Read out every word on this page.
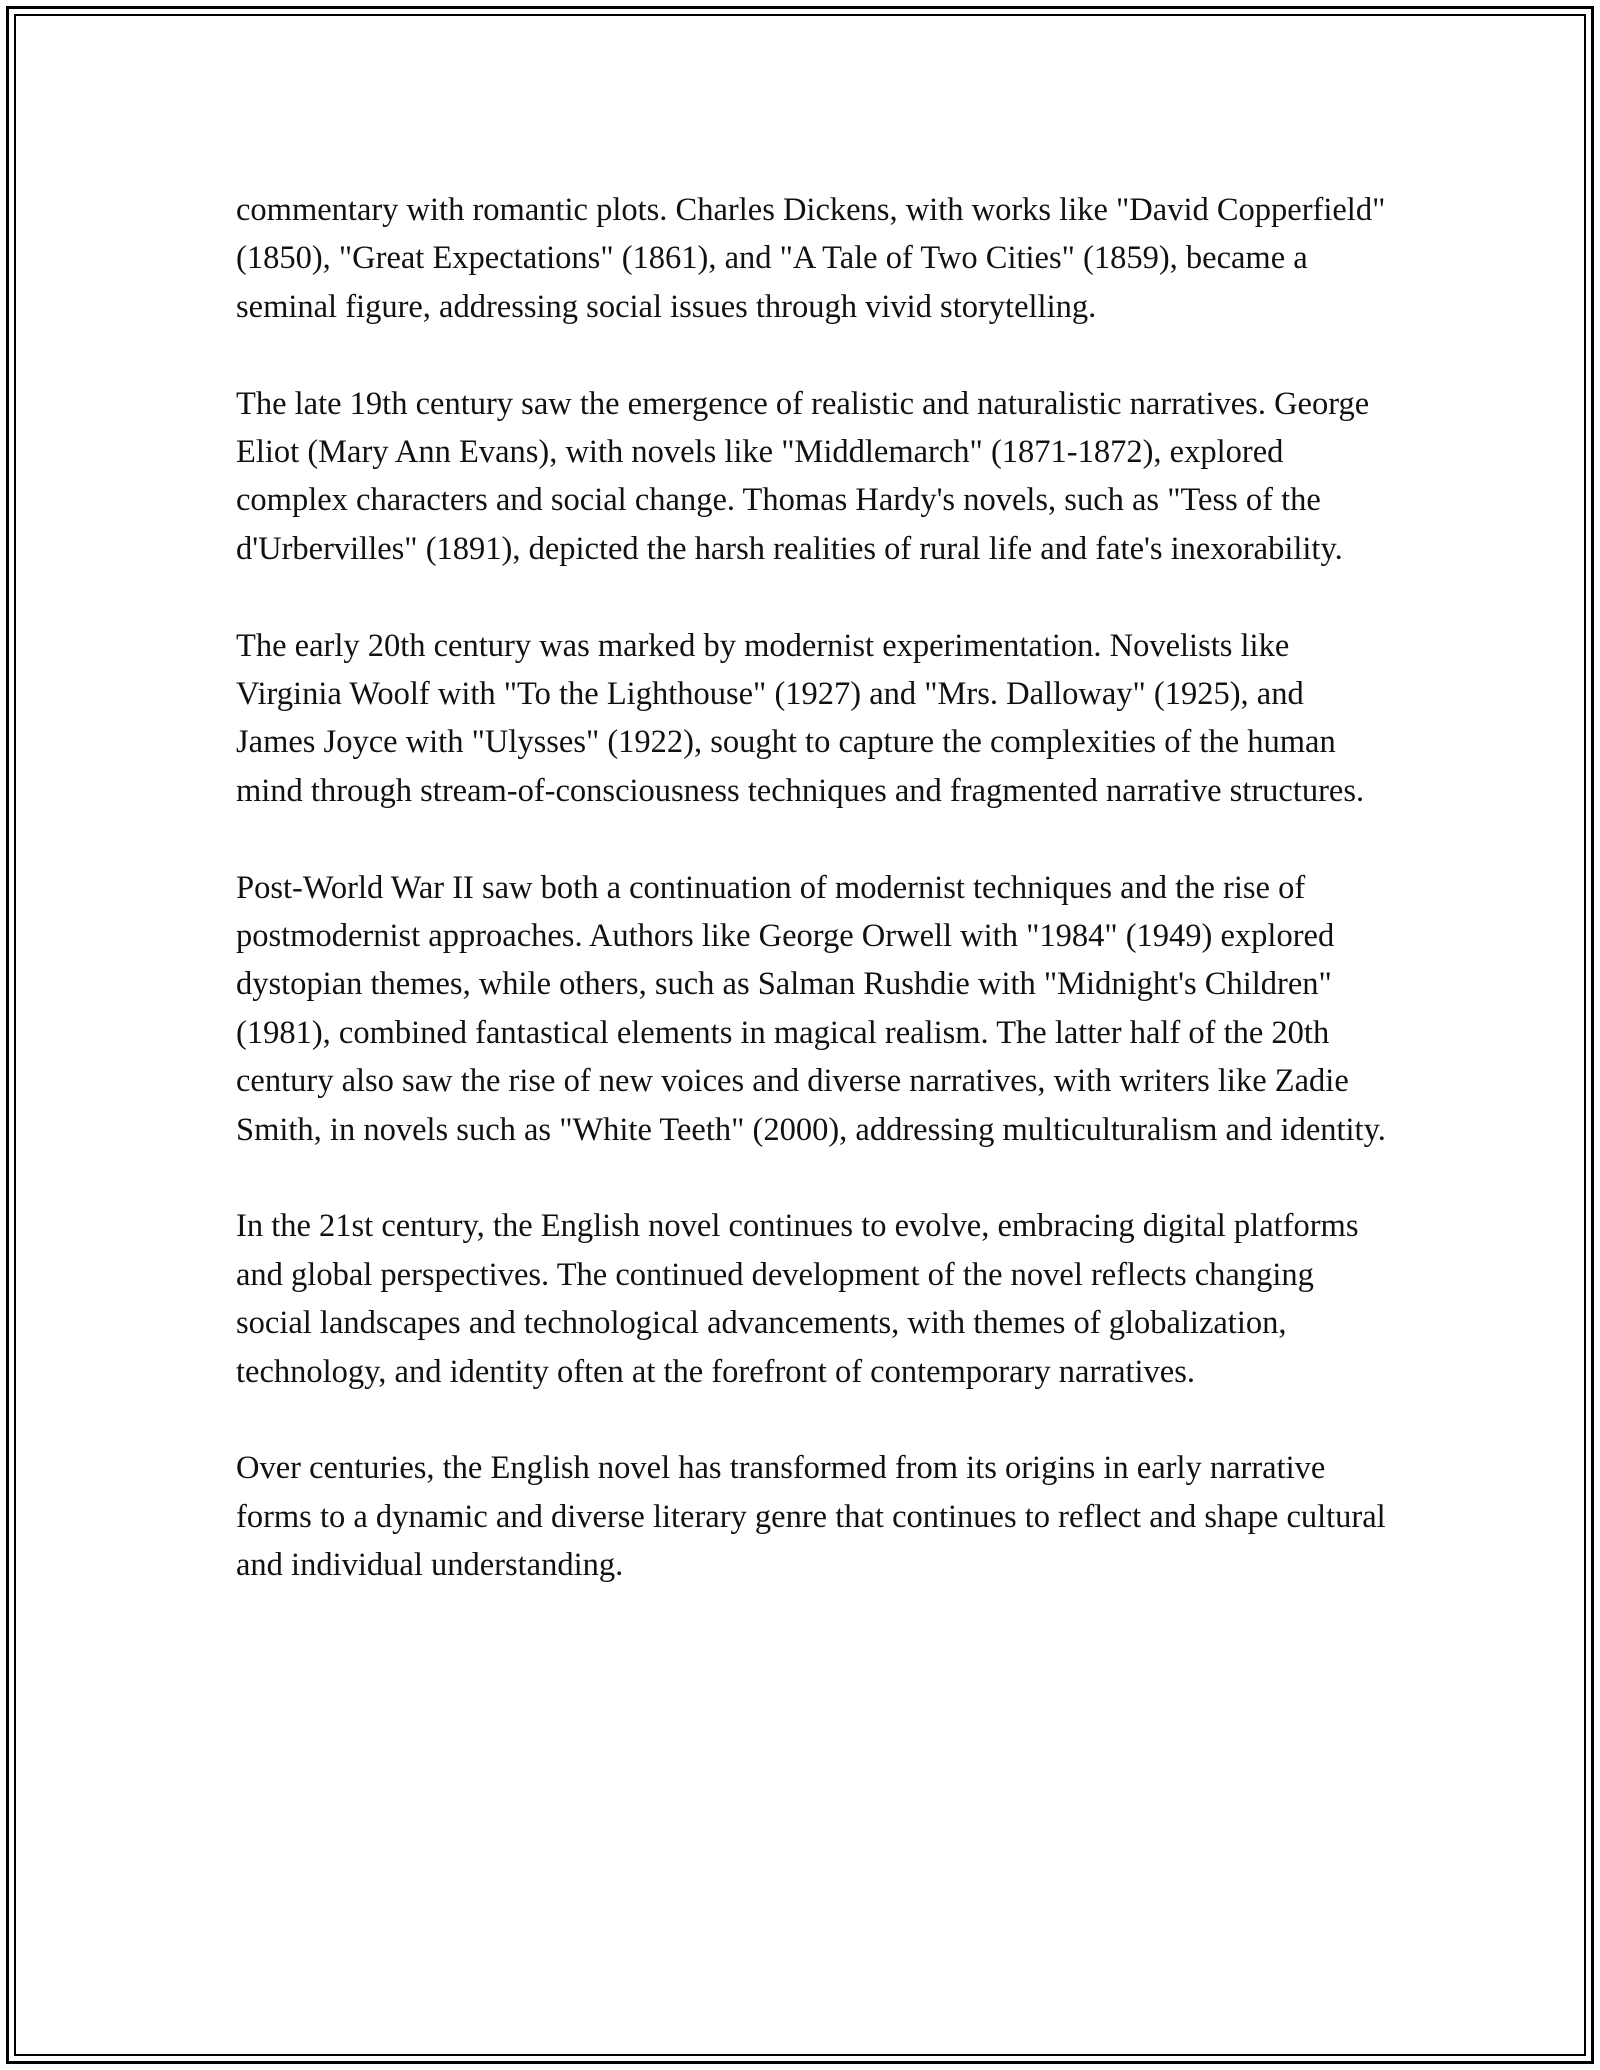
commentary with romantic plots. Charles Dickens, with works like "David Copperfield" (1850), "Great Expectations" (1861), and "A Tale of Two Cities" (1859), became a seminal figure, addressing social issues through vivid storytelling.

The late 19th century saw the emergence of realistic and naturalistic narratives. George Eliot (Mary Ann Evans), with novels like "Middlemarch" (1871-1872), explored complex characters and social change. Thomas Hardy's novels, such as "Tess of the d'Urbervilles" (1891), depicted the harsh realities of rural life and fate's inexorability.

The early 20th century was marked by modernist experimentation. Novelists like Virginia Woolf with "To the Lighthouse" (1927) and "Mrs. Dalloway" (1925), and James Joyce with "Ulysses" (1922), sought to capture the complexities of the human mind through stream-of-consciousness techniques and fragmented narrative structures.

Post-World War II saw both a continuation of modernist techniques and the rise of postmodernist approaches. Authors like George Orwell with "1984" (1949) explored dystopian themes, while others, such as Salman Rushdie with "Midnight's Children" (1981), combined fantastical elements in magical realism. The latter half of the 20th century also saw the rise of new voices and diverse narratives, with writers like Zadie Smith, in novels such as "White Teeth" (2000), addressing multiculturalism and identity.

In the 21st century, the English novel continues to evolve, embracing digital platforms and global perspectives. The continued development of the novel reflects changing social landscapes and technological advancements, with themes of globalization, technology, and identity often at the forefront of contemporary narratives.

Over centuries, the English novel has transformed from its origins in early narrative forms to a dynamic and diverse literary genre that continues to reflect and shape cultural and individual understanding.
